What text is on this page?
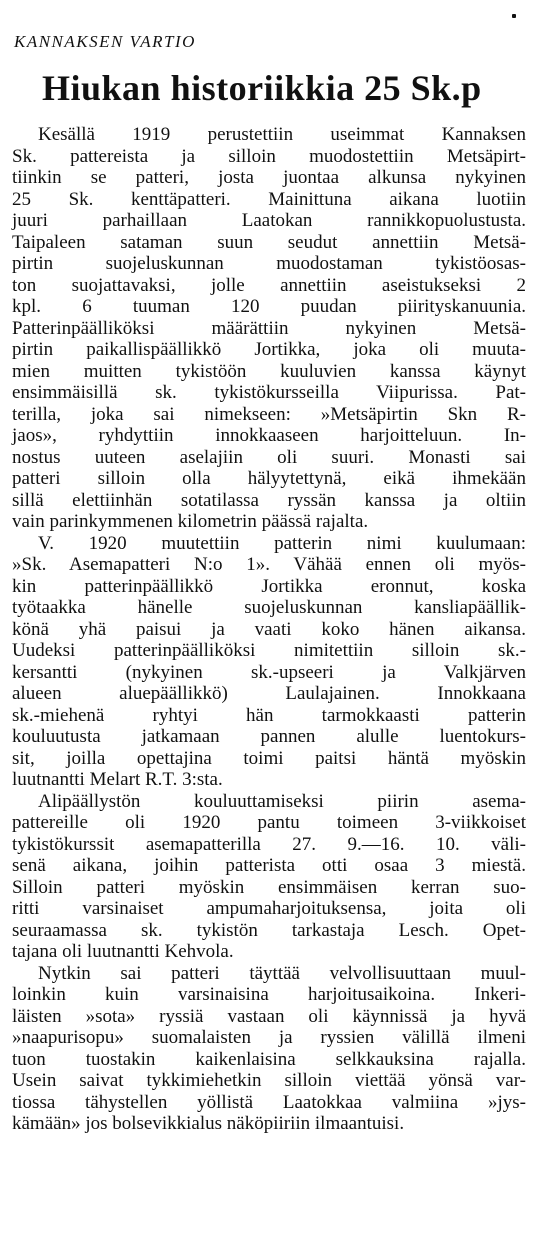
KANNAKSEN VARTIO
Hiukan historiikkia 25 Sk.p
Kesällä 1919 perustettiin useimmat Kannaksen
Sk. pattereista ja silloin muodostettiin Metsäpirt-
tiinkin se patteri, josta juontaa alkunsa nykyinen
25 Sk. kenttäpatteri. Mainittuna aikana luotiin
juuri parhaillaan Laatokan rannikkopuolustusta.
Taipaleen sataman suun seudut annettiin Metsä-
pirtin suojeluskunnan muodostaman tykistöosas-
ton suojattavaksi, jolle annettiin aseistukseksi 2
kpl. 6 tuuman 120 puudan piirityskanuunia.
Patterinpäälliköksi määrättiin nykyinen Metsä-
pirtin paikallispäällikkö Jortikka, joka oli muuta-
mien muitten tykistöön kuuluvien kanssa käynyt
ensimmäisillä sk. tykistökursseilla Viipurissa. Pat-
terilla, joka sai nimekseen: »Metsäpirtin Skn R-
jaos», ryhdyttiin innokkaaseen harjoitteluun. In-
nostus uuteen aselajiin oli suuri. Monasti sai
patteri silloin olla hälyytettynä, eikä ihmekään
sillä elettiinhän sotatilassa ryssän kanssa ja oltiin
vain parinkymmenen kilometrin päässä rajalta.
V. 1920 muutettiin patterin nimi kuulumaan:
»Sk. Asemapatteri N:o 1». Vähää ennen oli myös-
kin patterinpäällikkö Jortikka eronnut, koska
työtaakka hänelle suojeluskunnan kansliapäällik-
könä yhä paisui ja vaati koko hänen aikansa.
Uudeksi patterinpäälliköksi nimitettiin silloin sk.-
kersantti (nykyinen sk.-upseeri ja Valkjärven
alueen aluepäällikkö) Laulajainen. Innokkaana
sk.-miehenä ryhtyi hän tarmokkaasti patterin
kouluutusta jatkamaan pannen alulle luentokurs-
sit, joilla opettajina toimi paitsi häntä myöskin
luutnantti Melart R.T. 3:sta.
Alipäällystön kouluuttamiseksi piirin asema-
pattereille oli 1920 pantu toimeen 3-viikkoiset
tykistökurssit asemapatterilla 27. 9.—16. 10. väli-
senä aikana, joihin patterista otti osaa 3 miestä.
Silloin patteri myöskin ensimmäisen kerran suo-
ritti varsinaiset ampumaharjoituksensa, joita oli
seuraamassa sk. tykistön tarkastaja Lesch. Opet-
tajana oli luutnantti Kehvola.
Nytkin sai patteri täyttää velvollisuuttaan muul-
loinkin kuin varsinaisina harjoitusaikoina. Inkeri-
läisten »sota» ryssiä vastaan oli käynnissä ja hyvä
»naapurisopu» suomalaisten ja ryssien välillä ilmeni
tuon tuostakin kaikenlaisina selkkauksina rajalla.
Usein saivat tykkimiehetkin silloin viettää yönsä var-
tiossa tähystellen yöllistä Laatokkaa valmiina »jys-
kämään» jos bolsevikkialus näköpiiriin ilmaantuisi.
